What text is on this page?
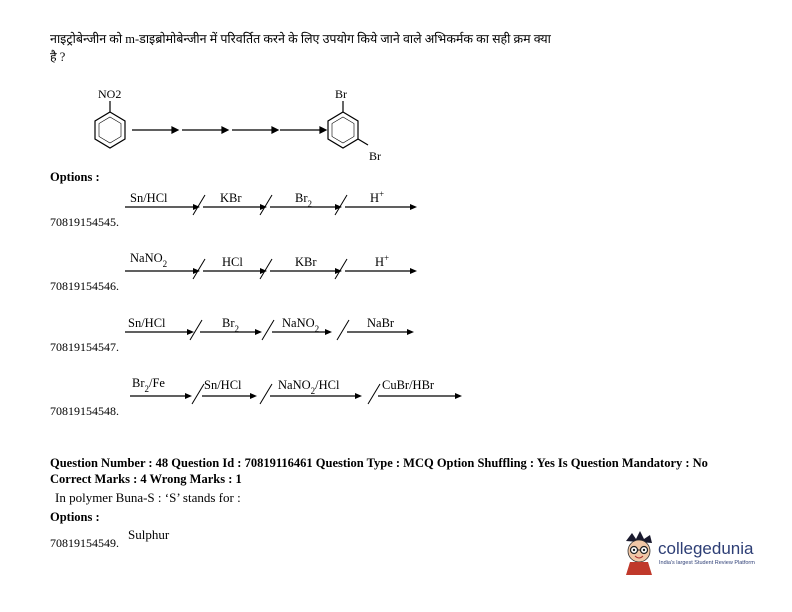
नाइट्रोबेन्जीन को m-डाइब्रोमोबेन्जीन में परिवर्तित करने के लिए उपयोग किये जाने वाले अभिकर्मक का सही क्रम क्या
है ?
NO2	Br
Br
Options :
70819154545.
Sn/HCl	KBr	$Br_2$	H+
70819154546.
NaNO$_2$	HCl	KBr	H+
70819154547.
Sn/HCl	$Br_2$	NaNO$_2$	NaBr
70819154548.
$Br_2/Fe$	Sn/HCl	NaNO$_2$/HCl	CuBr/HBr
Question Number : 48 Question Id : 70819116461 Question Type : MCQ Option Shuffling : Yes Is Question Mandatory : No
Correct Marks : 4 Wrong Marks : 1
In polymer Buna-S : ‘S’ stands for :
Options :
70819154549.
Sulphur
collegedunia
India's largest Student Review Platform
